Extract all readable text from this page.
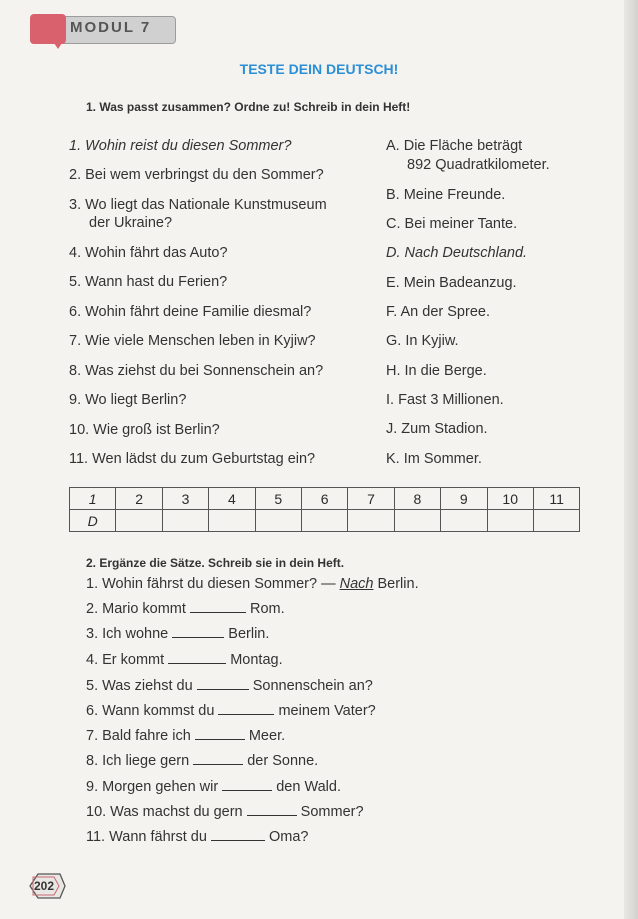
MODUL 7
TESTE DEIN DEUTSCH!
1. Was passt zusammen? Ordne zu! Schreib in dein Heft!
1. Wohin reist du diesen Sommer?
2. Bei wem verbringst du den Sommer?
3. Wo liegt das Nationale Kunstmuseum
der Ukraine?
4. Wohin fährt das Auto?
5. Wann hast du Ferien?
6. Wohin fährt deine Familie diesmal?
7. Wie viele Menschen leben in Kyjiw?
8. Was ziehst du bei Sonnenschein an?
9. Wo liegt Berlin?
10. Wie groß ist Berlin?
11. Wen lädst du zum Geburtstag ein?
A. Die Fläche beträgt
892 Quadratkilometer.
B. Meine Freunde.
C. Bei meiner Tante.
D. Nach Deutschland.
E. Mein Badeanzug.
F. An der Spree.
G. In Kyjiw.
H. In die Berge.
I. Fast 3 Millionen.
J. Zum Stadion.
K. Im Sommer.
1	2	3	4	5	6	7	8	9	10	11
D										
2. Ergänze die Sätze. Schreib sie in dein Heft.
1. Wohin fährst du diesen Sommer? — Nach Berlin.
2. Mario kommt	Rom.
3. Ich wohne	Berlin.
4. Er kommt	Montag.
5. Was ziehst du	Sonnenschein an?
6. Wann kommst du	meinem Vater?
7. Bald fahre ich	Meer.
8. Ich liege gern	der Sonne.
9. Morgen gehen wir	den Wald.
10. Was machst du gern	Sommer?
11. Wann fährst du	Oma?
202
